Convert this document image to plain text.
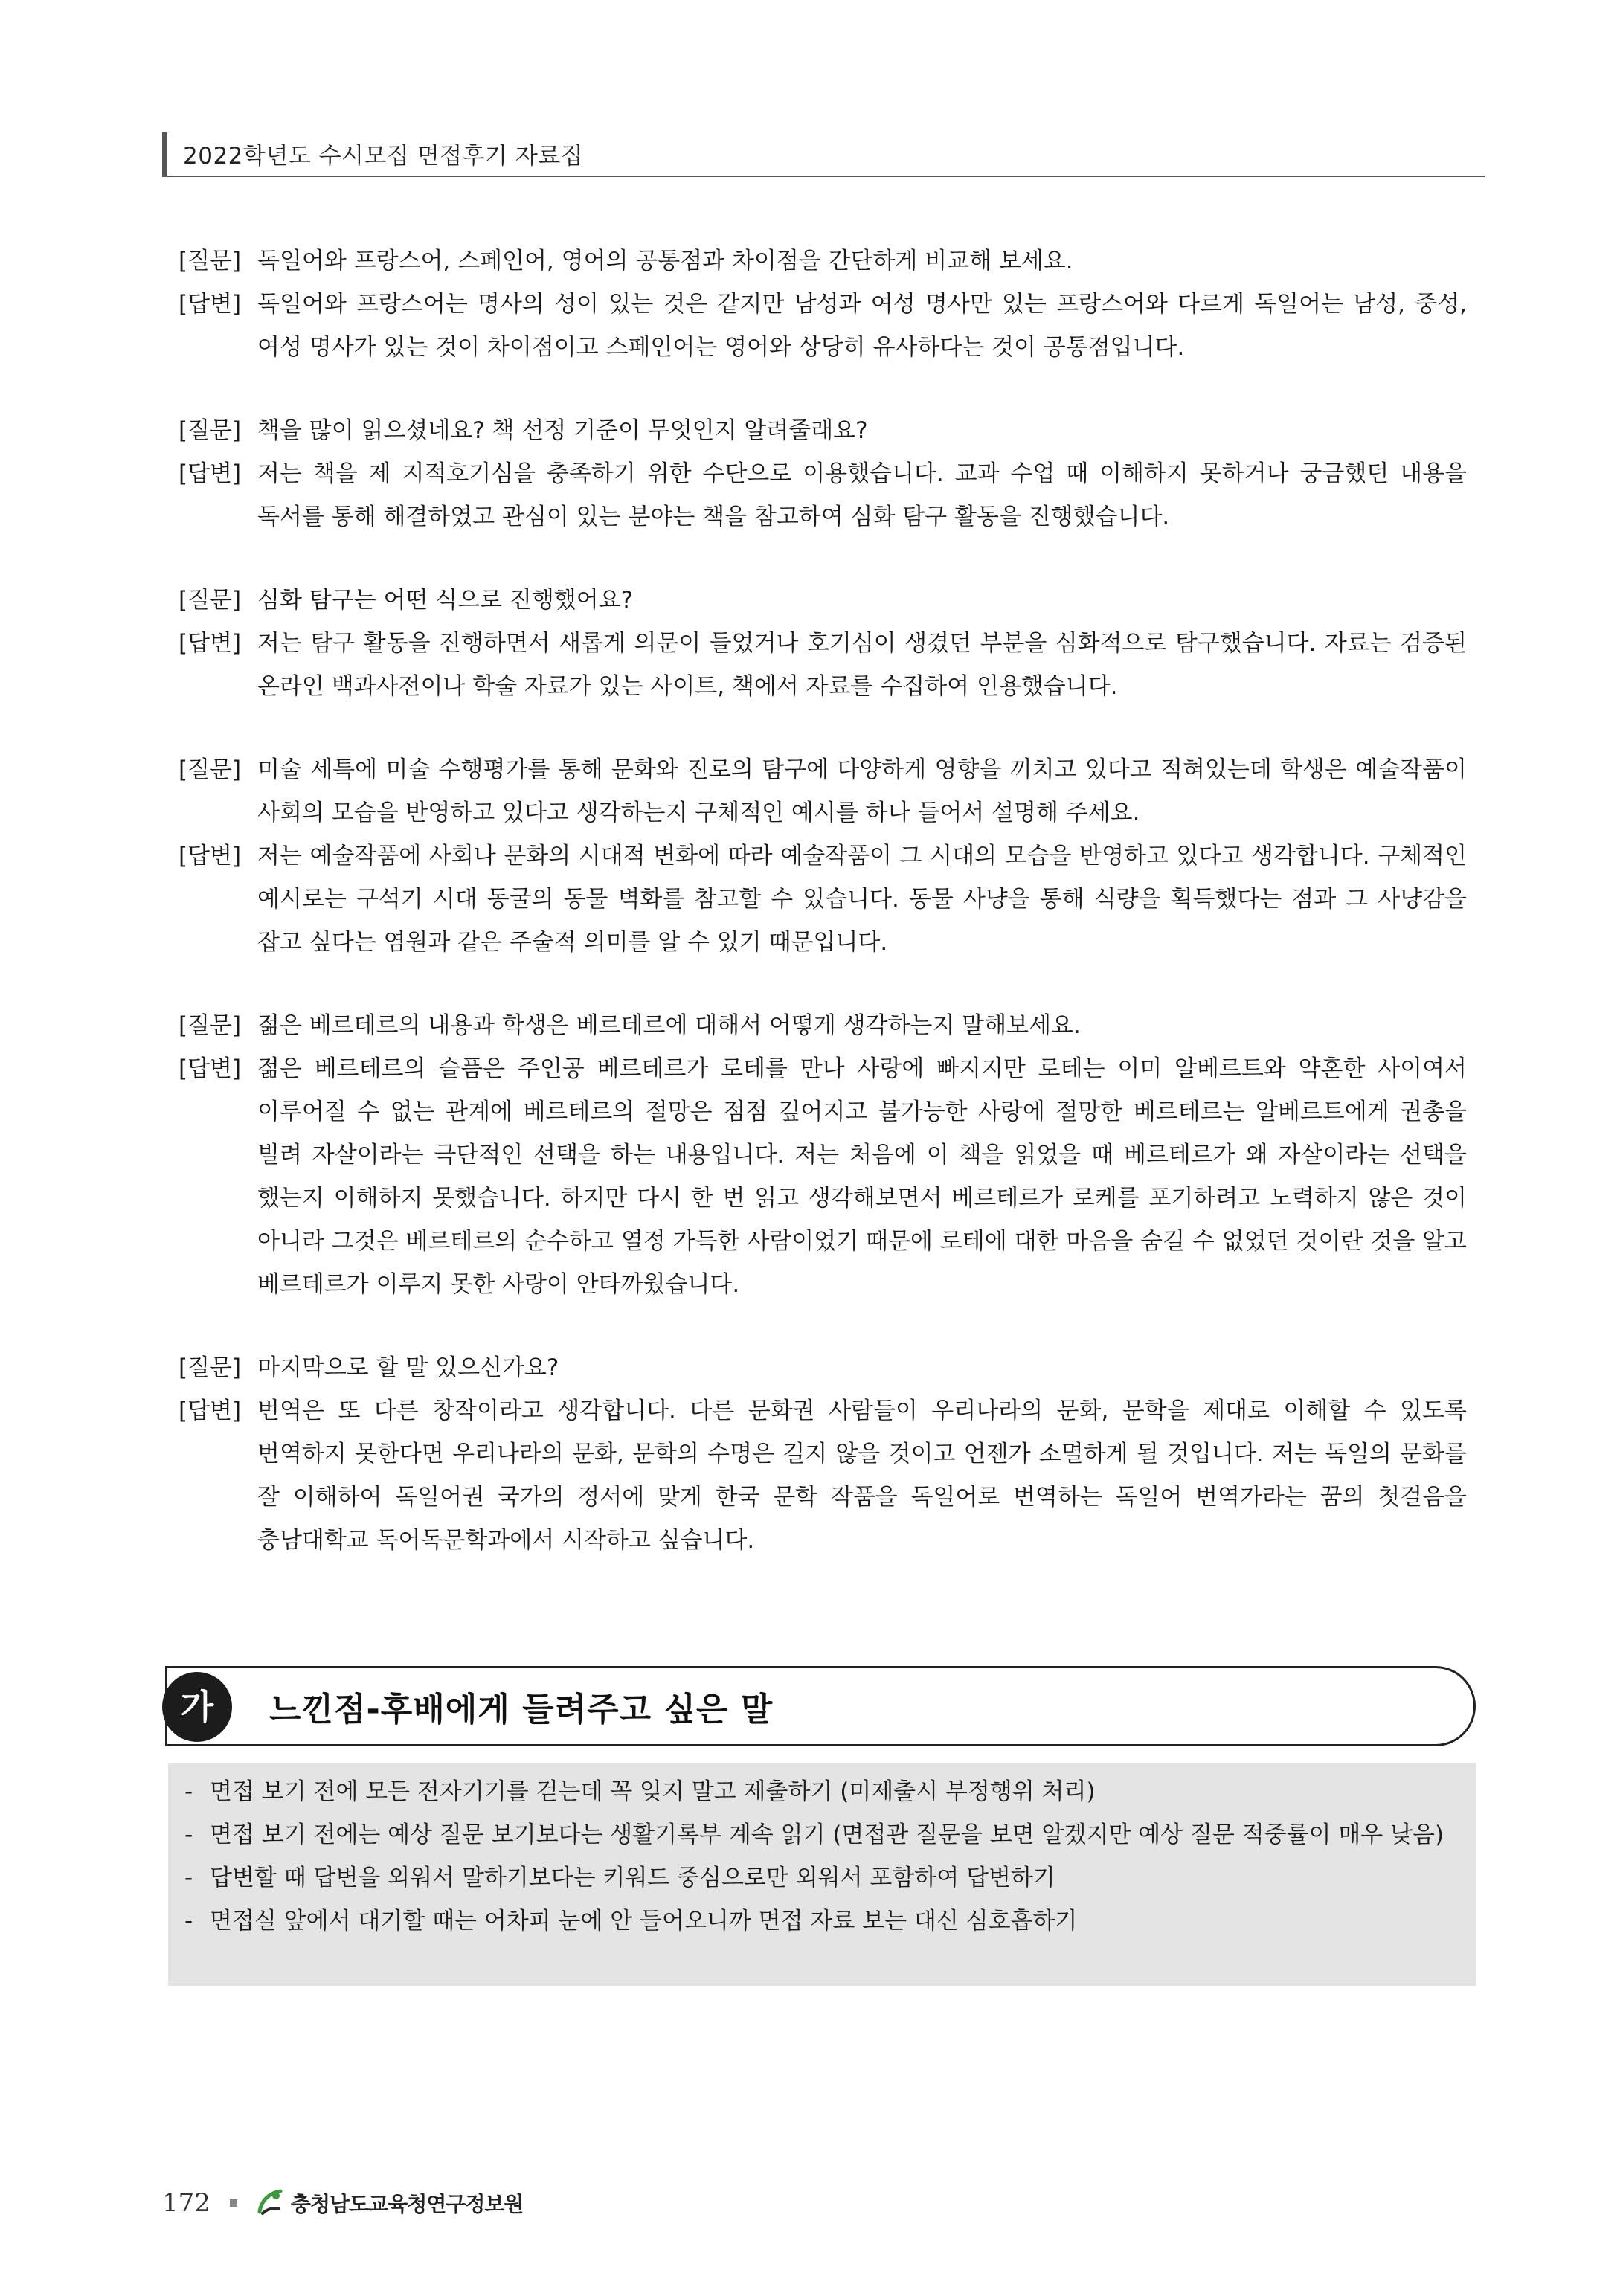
2022학년도 수시모집 면접후기 자료집
[질문] 독일어와 프랑스어, 스페인어, 영어의 공통점과 차이점을 간단하게 비교해 보세요.
[답변] 독일어와 프랑스어는 명사의 성이 있는 것은 같지만 남성과 여성 명사만 있는 프랑스어와 다르게 독일어는 남성, 중성, 여성 명사가 있는 것이 차이점이고 스페인어는 영어와 상당히 유사하다는 것이 공통점입니다.
[질문] 책을 많이 읽으셨네요? 책 선정 기준이 무엇인지 알려줄래요?
[답변] 저는 책을 제 지적호기심을 충족하기 위한 수단으로 이용했습니다. 교과 수업 때 이해하지 못하거나 궁금했던 내용을 독서를 통해 해결하였고 관심이 있는 분야는 책을 참고하여 심화 탐구 활동을 진행했습니다.
[질문] 심화 탐구는 어떤 식으로 진행했어요?
[답변] 저는 탐구 활동을 진행하면서 새롭게 의문이 들었거나 호기심이 생겼던 부분을 심화적으로 탐구했습니다. 자료는 검증된 온라인 백과사전이나 학술 자료가 있는 사이트, 책에서 자료를 수집하여 인용했습니다.
[질문] 미술 세특에 미술 수행평가를 통해 문화와 진로의 탐구에 다양하게 영향을 끼치고 있다고 적혀있는데 학생은 예술작품이 사회의 모습을 반영하고 있다고 생각하는지 구체적인 예시를 하나 들어서 설명해 주세요.
[답변] 저는 예술작품에 사회나 문화의 시대적 변화에 따라 예술작품이 그 시대의 모습을 반영하고 있다고 생각합니다. 구체적인 예시로는 구석기 시대 동굴의 동물 벽화를 참고할 수 있습니다. 동물 사냥을 통해 식량을 획득했다는 점과 그 사냥감을 잡고 싶다는 염원과 같은 주술적 의미를 알 수 있기 때문입니다.
[질문] 젊은 베르테르의 내용과 학생은 베르테르에 대해서 어떻게 생각하는지 말해보세요.
[답변] 젊은 베르테르의 슬픔은 주인공 베르테르가 로테를 만나 사랑에 빠지지만 로테는 이미 알베르트와 약혼한 사이여서 이루어질 수 없는 관계에 베르테르의 절망은 점점 깊어지고 불가능한 사랑에 절망한 베르테르는 알베르트에게 권총을 빌려 자살이라는 극단적인 선택을 하는 내용입니다. 저는 처음에 이 책을 읽었을 때 베르테르가 왜 자살이라는 선택을 했는지 이해하지 못했습니다. 하지만 다시 한 번 읽고 생각해보면서 베르테르가 로케를 포기하려고 노력하지 않은 것이 아니라 그것은 베르테르의 순수하고 열정 가득한 사람이었기 때문에 로테에 대한 마음을 숨길 수 없었던 것이란 것을 알고 베르테르가 이루지 못한 사랑이 안타까웠습니다.
[질문] 마지막으로 할 말 있으신가요?
[답변] 번역은 또 다른 창작이라고 생각합니다. 다른 문화권 사람들이 우리나라의 문화, 문학을 제대로 이해할 수 있도록 번역하지 못한다면 우리나라의 문화, 문학의 수명은 길지 않을 것이고 언젠가 소멸하게 될 것입니다. 저는 독일의 문화를 잘 이해하여 독일어권 국가의 정서에 맞게 한국 문학 작품을 독일어로 번역하는 독일어 번역가라는 꿈의 첫걸음을 충남대학교 독어독문학과에서 시작하고 싶습니다.
가	느낀점-후배에게 들려주고 싶은 말
- 면접 보기 전에 모든 전자기기를 걷는데 꼭 잊지 말고 제출하기 (미제출시 부정행위 처리)
- 면접 보기 전에는 예상 질문 보기보다는 생활기록부 계속 읽기 (면접관 질문을 보면 알겠지만 예상 질문 적중률이 매우 낮음)
- 답변할 때 답변을 외워서 말하기보다는 키워드 중심으로만 외워서 포함하여 답변하기
- 면접실 앞에서 대기할 때는 어차피 눈에 안 들어오니까 면접 자료 보는 대신 심호흡하기
172	충청남도교육청연구정보원
